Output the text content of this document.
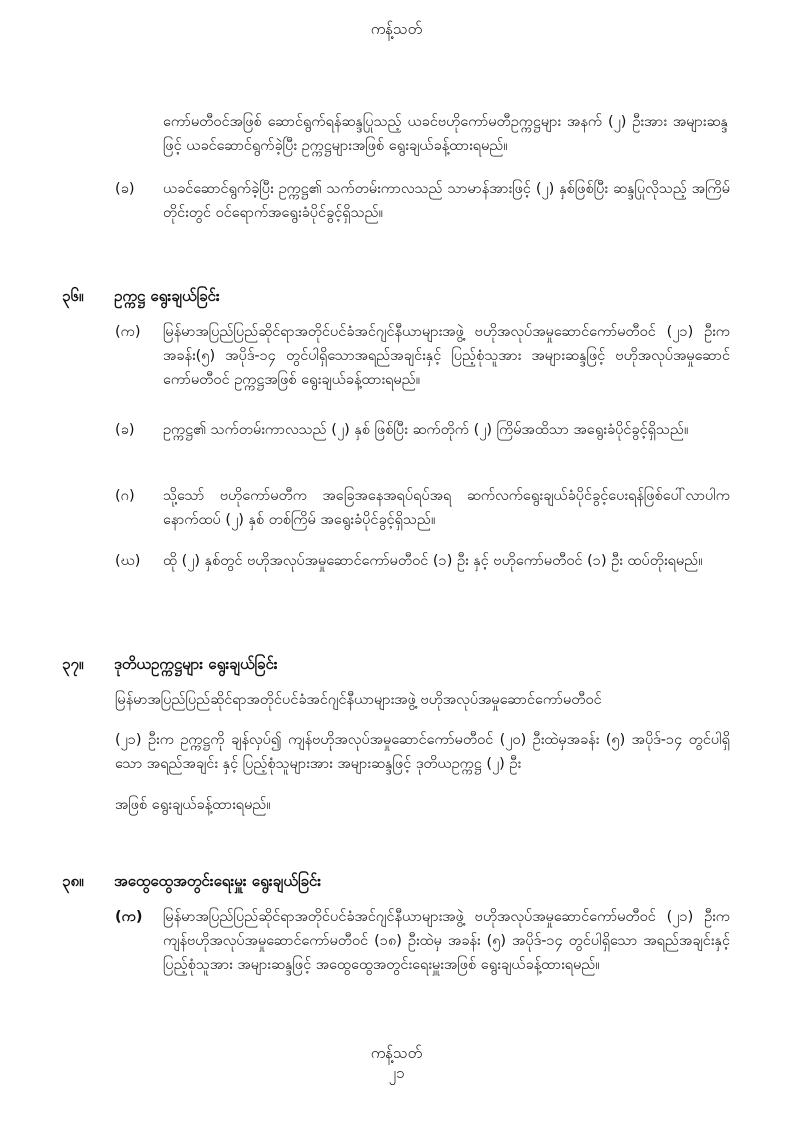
ကန့်သတ်
ကော်မတီဝင်အဖြစ် ဆောင်ရွက်ရန်ဆန္ဒပြုသည့် ယခင်ဗဟိုကော်မတီဥက္ကဋ္ဌများ အနက် (၂) ဦးအား အများဆန္ဒဖြင့် ယခင်ဆောင်ရွက်ခဲ့ပြီး ဥက္ကဋ္ဌများအဖြစ် ရွေးချယ်ခန့်ထားရမည်။
(ခ) ယခင်ဆောင်ရွက်ခဲ့ပြီး ဥက္ကဋ္ဌ၏ သက်တမ်းကာလသည် သာမာန်အားဖြင့် (၂) နှစ်ဖြစ်ပြီး ဆန္ဒပြုလိုသည့် အကြိမ်တိုင်းတွင် ဝင်ရောက်အရွေးခံပိုင်ခွင့်ရှိသည်။
၃၆။ ဥက္ကဋ္ဌ ရွေးချယ်ခြင်း
(က) မြန်မာအပြည်ပြည်ဆိုင်ရာအတိုင်ပင်ခံအင်ဂျင်နီယာများအဖွဲ့ ဗဟိုအလုပ်အမှုဆောင်ကော်မတီဝင် (၂၁) ဦးက အခန်း(၅) အပိုဒ်-၁၄ တွင်ပါရှိသောအရည်အချင်းနှင့် ပြည့်စုံသူအား အများဆန္ဒဖြင့် ဗဟိုအလုပ်အမှုဆောင်ကော်မတီဝင် ဥက္ကဋ္ဌအဖြစ် ရွေးချယ်ခန့်ထားရမည်။
(ခ) ဥက္ကဋ္ဌ၏ သက်တမ်းကာလသည် (၂) နှစ် ဖြစ်ပြီး ဆက်တိုက် (၂) ကြိမ်အထိသာ အရွေးခံပိုင်ခွင့်ရှိသည်။
(ဂ) သို့သော် ဗဟိုကော်မတီက အခြေအနေအရပ်ရပ်အရ ဆက်လက်ရွေးချယ်ခံပိုင်ခွင့်ပေးရန်ဖြစ်ပေါ်လာပါက နောက်ထပ် (၂) နှစ် တစ်ကြိမ် အရွေးခံပိုင်ခွင့်ရှိသည်။
(ဃ) ထို (၂) နှစ်တွင် ဗဟိုအလုပ်အမှုဆောင်ကော်မတီဝင် (၁) ဦး နှင့် ဗဟိုကော်မတီဝင် (၁) ဦး ထပ်တိုးရမည်။
၃၇။ ဒုတိယဥက္ကဋ္ဌများ ရွေးချယ်ခြင်း
မြန်မာအပြည်ပြည်ဆိုင်ရာအတိုင်ပင်ခံအင်ဂျင်နီယာများအဖွဲ့ ဗဟိုအလုပ်အမှုဆောင်ကော်မတီဝင်
(၂၁) ဦးက ဥက္ကဋ္ဌကို ချန်လှပ်၍ ကျန်ဗဟိုအလုပ်အမှုဆောင်ကော်မတီဝင် (၂၀) ဦးထဲမှအခန်း (၅) အပိုဒ်-၁၄ တွင်ပါရှိသော အရည်အချင်း နှင့် ပြည့်စုံသူများအား အများဆန္ဒဖြင့် ဒုတိယဥက္ကဋ္ဌ (၂) ဦး
အဖြစ် ရွေးချယ်ခန့်ထားရမည်။
၃၈။ အထွေထွေအတွင်းရေးမှူး ရွေးချယ်ခြင်း
(က) မြန်မာအပြည်ပြည်ဆိုင်ရာအတိုင်ပင်ခံအင်ဂျင်နီယာများအဖွဲ့ ဗဟိုအလုပ်အမှုဆောင်ကော်မတီဝင် (၂၁) ဦးက ကျန်ဗဟိုအလုပ်အမှုဆောင်ကော်မတီဝင် (၁၈) ဦးထဲမှ အခန်း (၅) အပိုဒ်-၁၄ တွင်ပါရှိသော အရည်အချင်းနှင့် ပြည့်စုံသူအား အများဆန္ဒဖြင့် အထွေထွေအတွင်းရေးမှူးအဖြစ် ရွေးချယ်ခန့်ထားရမည်။
ကန့်သတ်
၂၁
